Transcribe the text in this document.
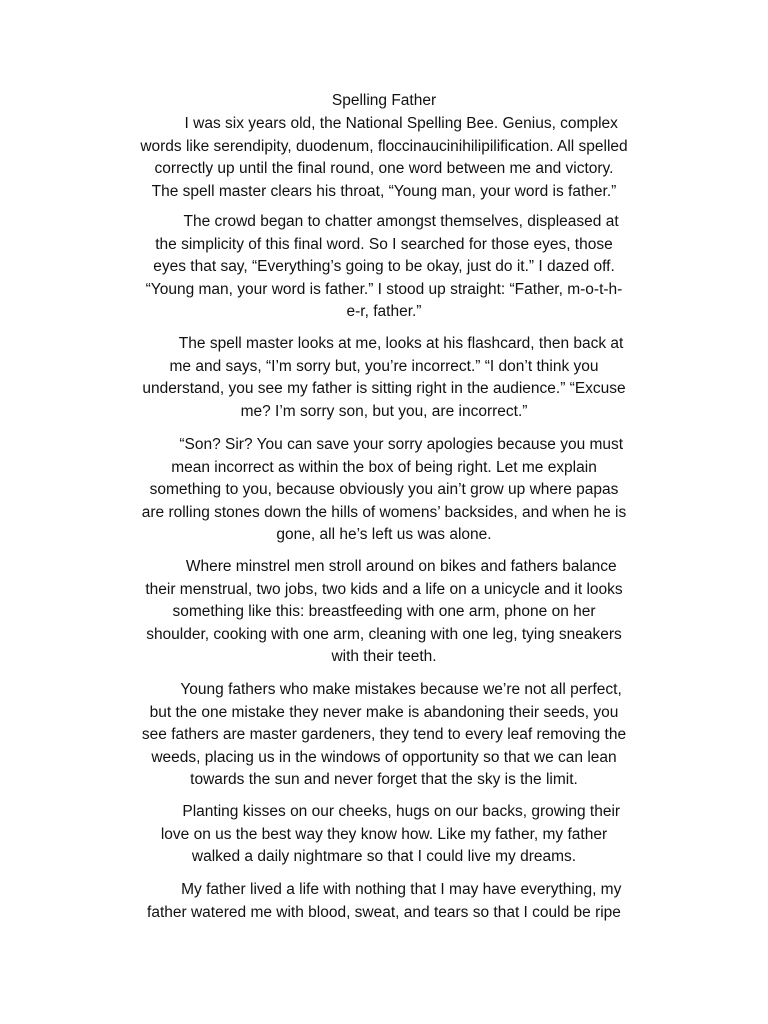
Spelling Father
I was six years old, the National Spelling Bee. Genius, complex
words like serendipity, duodenum, floccinaucinihilipilification. All spelled
correctly up until the final round, one word between me and victory.
The spell master clears his throat, “Young man, your word is father.”
The crowd began to chatter amongst themselves, displeased at
the simplicity of this final word. So I searched for those eyes, those
eyes that say, “Everything’s going to be okay, just do it.” I dazed off.
“Young man, your word is father.” I stood up straight: “Father, m-o-t-h-
e-r, father.”
The spell master looks at me, looks at his flashcard, then back at
me and says, “I’m sorry but, you’re incorrect.” “I don’t think you
understand, you see my father is sitting right in the audience.” “Excuse
me? I’m sorry son, but you, are incorrect.”
“Son? Sir? You can save your sorry apologies because you must
mean incorrect as within the box of being right. Let me explain
something to you, because obviously you ain’t grow up where papas
are rolling stones down the hills of womens’ backsides, and when he is
gone, all he’s left us was alone.
Where minstrel men stroll around on bikes and fathers balance
their menstrual, two jobs, two kids and a life on a unicycle and it looks
something like this: breastfeeding with one arm, phone on her
shoulder, cooking with one arm, cleaning with one leg, tying sneakers
with their teeth.
Young fathers who make mistakes because we’re not all perfect,
but the one mistake they never make is abandoning their seeds, you
see fathers are master gardeners, they tend to every leaf removing the
weeds, placing us in the windows of opportunity so that we can lean
towards the sun and never forget that the sky is the limit.
Planting kisses on our cheeks, hugs on our backs, growing their
love on us the best way they know how. Like my father, my father
walked a daily nightmare so that I could live my dreams.
My father lived a life with nothing that I may have everything, my
father watered me with blood, sweat, and tears so that I could be ripe
